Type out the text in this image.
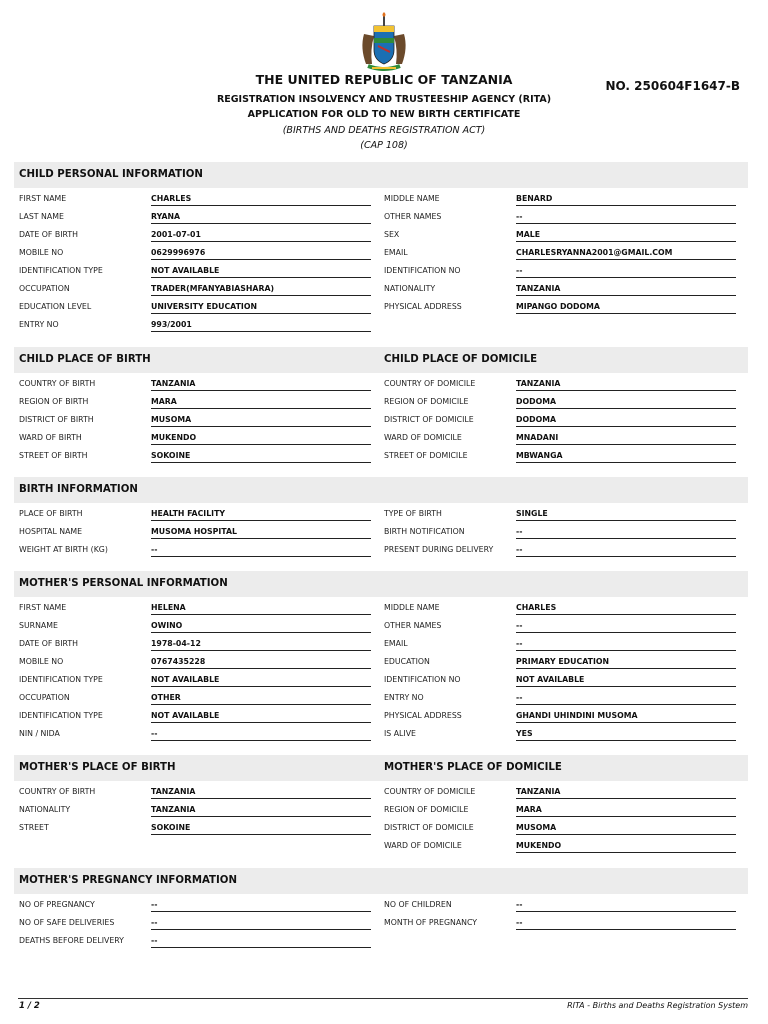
THE UNITED REPUBLIC OF TANZANIA
REGISTRATION INSOLVENCY AND TRUSTEESHIP AGENCY (RITA)
APPLICATION FOR OLD TO NEW BIRTH CERTIFICATE
(BIRTHS AND DEATHS REGISTRATION ACT)
(CAP 108)
NO. 250604F1647-B
CHILD PERSONAL INFORMATION
FIRST NAME	CHARLES
LAST NAME	RYANA
DATE OF BIRTH	2001-07-01
MOBILE NO	0629996976
IDENTIFICATION TYPE	NOT AVAILABLE
OCCUPATION	TRADER(MFANYABIASHARA)
EDUCATION LEVEL	UNIVERSITY EDUCATION
ENTRY NO	993/2001
MIDDLE NAME	BENARD
OTHER NAMES	--
SEX	MALE
EMAIL	CHARLESRYANNA2001@GMAIL.COM
IDENTIFICATION NO	--
NATIONALITY	TANZANIA
PHYSICAL ADDRESS	MIPANGO DODOMA
CHILD PLACE OF BIRTH
COUNTRY OF BIRTH	TANZANIA
REGION OF BIRTH	MARA
DISTRICT OF BIRTH	MUSOMA
WARD OF BIRTH	MUKENDO
STREET OF BIRTH	SOKOINE
CHILD PLACE OF DOMICILE
COUNTRY OF DOMICILE	TANZANIA
REGION OF DOMICILE	DODOMA
DISTRICT OF DOMICILE	DODOMA
WARD OF DOMICILE	MNADANI
STREET OF DOMICILE	MBWANGA
BIRTH INFORMATION
PLACE OF BIRTH	HEALTH FACILITY
HOSPITAL NAME	MUSOMA HOSPITAL
WEIGHT AT BIRTH (KG)	--
TYPE OF BIRTH	SINGLE
BIRTH NOTIFICATION	--
PRESENT DURING DELIVERY	--
MOTHER'S PERSONAL INFORMATION
FIRST NAME	HELENA
SURNAME	OWINO
DATE OF BIRTH	1978-04-12
MOBILE NO	0767435228
IDENTIFICATION TYPE	NOT AVAILABLE
OCCUPATION	OTHER
IDENTIFICATION TYPE	NOT AVAILABLE
NIN / NIDA	--
MIDDLE NAME	CHARLES
OTHER NAMES	--
EMAIL	--
EDUCATION	PRIMARY EDUCATION
IDENTIFICATION NO	NOT AVAILABLE
ENTRY NO	--
PHYSICAL ADDRESS	GHANDI UHINDINI MUSOMA
IS ALIVE	YES
MOTHER'S PLACE OF BIRTH
COUNTRY OF BIRTH	TANZANIA
NATIONALITY	TANZANIA
STREET	SOKOINE
MOTHER'S PLACE OF DOMICILE
COUNTRY OF DOMICILE	TANZANIA
REGION OF DOMICILE	MARA
DISTRICT OF DOMICILE	MUSOMA
WARD OF DOMICILE	MUKENDO
MOTHER'S PREGNANCY INFORMATION
NO OF PREGNANCY	--
NO OF SAFE DELIVERIES	--
DEATHS BEFORE DELIVERY	--
NO OF CHILDREN	--
MONTH OF PREGNANCY	--
1 / 2	RITA - Births and Deaths Registration System
